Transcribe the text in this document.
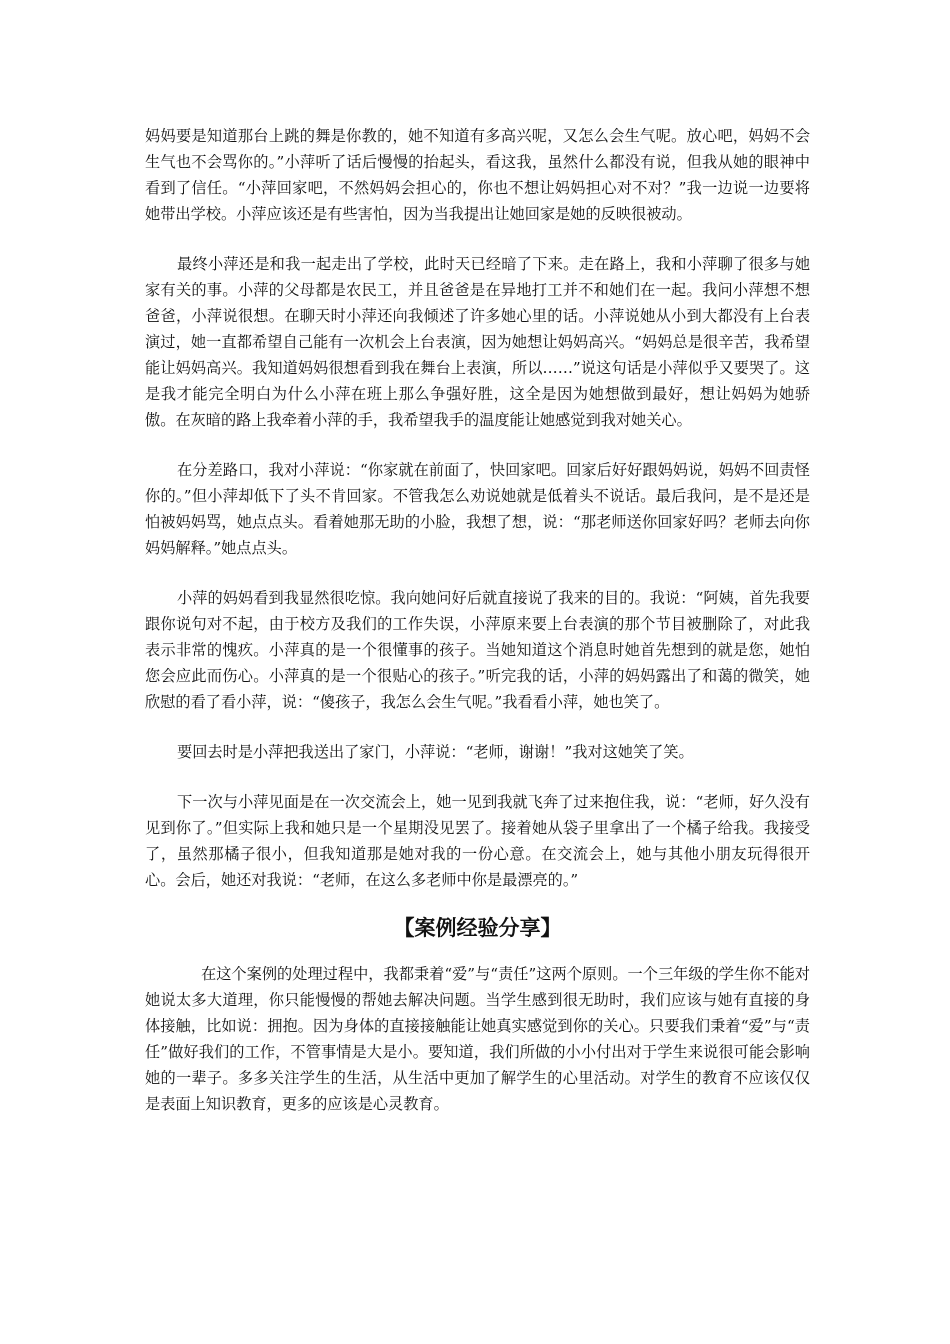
妈妈要是知道那台上跳的舞是你教的，她不知道有多高兴呢，又怎么会生气呢。放心吧，妈妈不会生气也不会骂你的。”小萍听了话后慢慢的抬起头，看这我，虽然什么都没有说，但我从她的眼神中看到了信任。“小萍回家吧，不然妈妈会担心的，你也不想让妈妈担心对不对？”我一边说一边要将她带出学校。小萍应该还是有些害怕，因为当我提出让她回家是她的反映很被动。

最终小萍还是和我一起走出了学校，此时天已经暗了下来。走在路上，我和小萍聊了很多与她家有关的事。小萍的父母都是农民工，并且爸爸是在异地打工并不和她们在一起。我问小萍想不想爸爸，小萍说很想。在聊天时小萍还向我倾述了许多她心里的话。小萍说她从小到大都没有上台表演过，她一直都希望自己能有一次机会上台表演，因为她想让妈妈高兴。“妈妈总是很辛苦，我希望能让妈妈高兴。我知道妈妈很想看到我在舞台上表演，所以……”说这句话是小萍似乎又要哭了。这是我才能完全明白为什么小萍在班上那么争强好胜，这全是因为她想做到最好，想让妈妈为她骄傲。在灰暗的路上我牵着小萍的手，我希望我手的温度能让她感觉到我对她关心。

在分差路口，我对小萍说：“你家就在前面了，快回家吧。回家后好好跟妈妈说，妈妈不回责怪你的。”但小萍却低下了头不肯回家。不管我怎么劝说她就是低着头不说话。最后我问，是不是还是怕被妈妈骂，她点点头。看着她那无助的小脸，我想了想，说：“那老师送你回家好吗？老师去向你妈妈解释。”她点点头。

小萍的妈妈看到我显然很吃惊。我向她问好后就直接说了我来的目的。我说：“阿姨，首先我要跟你说句对不起，由于校方及我们的工作失误，小萍原来要上台表演的那个节目被删除了，对此我表示非常的愧疚。小萍真的是一个很懂事的孩子。当她知道这个消息时她首先想到的就是您，她怕您会应此而伤心。小萍真的是一个很贴心的孩子。”听完我的话，小萍的妈妈露出了和蔼的微笑，她欣慰的看了看小萍，说：“傻孩子，我怎么会生气呢。”我看看小萍，她也笑了。

要回去时是小萍把我送出了家门，小萍说：“老师，谢谢！”我对这她笑了笑。

下一次与小萍见面是在一次交流会上，她一见到我就飞奔了过来抱住我，说：“老师，好久没有见到你了。”但实际上我和她只是一个星期没见罢了。接着她从袋子里拿出了一个橘子给我。我接受了，虽然那橘子很小，但我知道那是她对我的一份心意。在交流会上，她与其他小朋友玩得很开心。会后，她还对我说：“老师，在这么多老师中你是最漂亮的。”

【案例经验分享】

在这个案例的处理过程中，我都秉着“爱”与“责任”这两个原则。一个三年级的学生你不能对她说太多大道理，你只能慢慢的帮她去解决问题。当学生感到很无助时，我们应该与她有直接的身体接触，比如说：拥抱。因为身体的直接接触能让她真实感觉到你的关心。只要我们秉着“爱”与“责任”做好我们的工作，不管事情是大是小。要知道，我们所做的小小付出对于学生来说很可能会影响她的一辈子。多多关注学生的生活，从生活中更加了解学生的心里活动。对学生的教育不应该仅仅是表面上知识教育，更多的应该是心灵教育。
